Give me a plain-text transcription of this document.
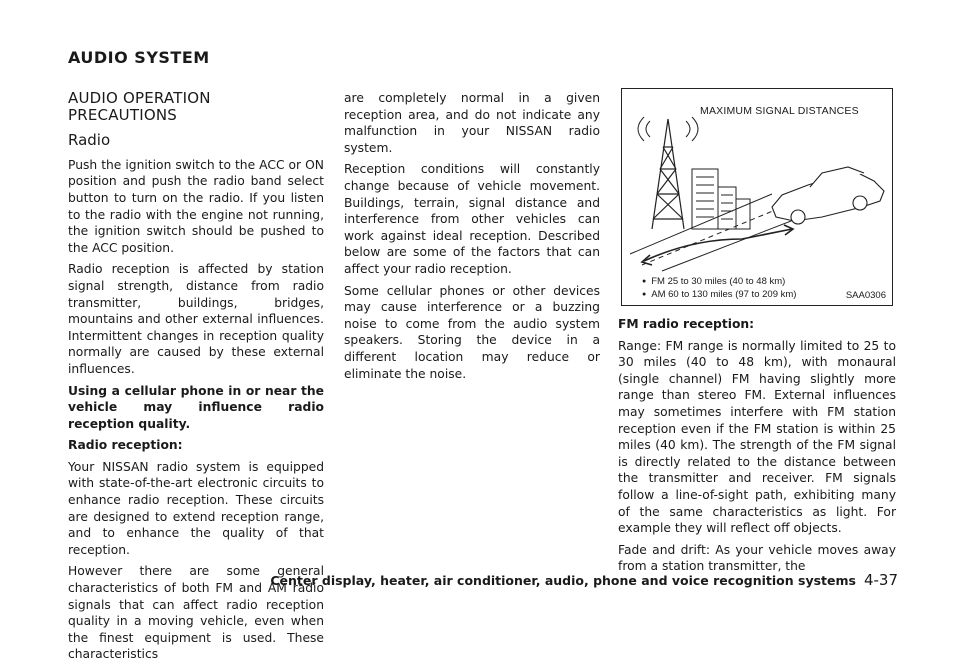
AUDIO SYSTEM
AUDIO OPERATION PRECAUTIONS
Radio

Push the ignition switch to the ACC or ON position and push the radio band select button to turn on the radio. If you listen to the radio with the engine not running, the ignition switch should be pushed to the ACC position.

Radio reception is affected by station signal strength, distance from radio transmitter, buildings, bridges, mountains and other external influences. Intermittent changes in reception quality normally are caused by these external influences.

Using a cellular phone in or near the vehicle may influence radio reception quality.

Radio reception:

Your NISSAN radio system is equipped with state-of-the-art electronic circuits to enhance radio reception. These circuits are designed to extend reception range, and to enhance the quality of that reception.

However there are some general characteristics of both FM and AM radio signals that can affect radio reception quality in a moving vehicle, even when the finest equipment is used. These characteristics

are completely normal in a given reception area, and do not indicate any malfunction in your NISSAN radio system.

Reception conditions will constantly change because of vehicle movement. Buildings, terrain, signal distance and interference from other vehicles can work against ideal reception. Described below are some of the factors that can affect your radio reception.

Some cellular phones or other devices may cause interference or a buzzing noise to come from the audio system speakers. Storing the device in a different location may reduce or eliminate the noise.

MAXIMUM SIGNAL DISTANCES
● FM 25 to 30 miles (40 to 48 km)
● AM 60 to 130 miles (97 to 209 km)	SAA0306

FM radio reception:

Range: FM range is normally limited to 25 to 30 miles (40 to 48 km), with monaural (single channel) FM having slightly more range than stereo FM. External influences may sometimes interfere with FM station reception even if the FM station is within 25 miles (40 km). The strength of the FM signal is directly related to the distance between the transmitter and receiver. FM signals follow a line-of-sight path, exhibiting many of the same characteristics as light. For example they will reflect off objects.

Fade and drift: As your vehicle moves away from a station transmitter, the

Center display, heater, air conditioner, audio, phone and voice recognition systems 4-37
